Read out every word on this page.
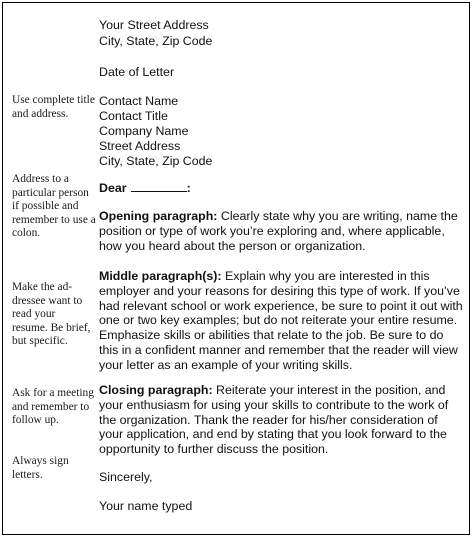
Use complete title and address.
Address to a particular person if possible and remember to use a colon.
Make the ad- dressee want to read your resume. Be brief, but specific.
Ask for a meeting and remember to follow up.
Always sign letters.
Your Street Address
City, State, Zip Code
Date of Letter
Contact Name
Contact Title
Company Name
Street Address
City, State, Zip Code
Dear	:
Opening paragraph: Clearly state why you are writing, name the position or type of work you’re exploring and, where applicable, how you heard about the person or organization.
Middle paragraph(s): Explain why you are interested in this employer and your reasons for desiring this type of work. If you’ve had relevant school or work experience, be sure to point it out with one or two key examples; but do not reiterate your entire resume. Emphasize skills or abilities that relate to the job. Be sure to do this in a confident manner and remember that the reader will view your letter as an example of your writing skills.
Closing paragraph: Reiterate your interest in the position, and your enthusiasm for using your skills to contribute to the work of the organization. Thank the reader for his/her consideration of your application, and end by stating that you look forward to the opportunity to further discuss the position.
Sincerely,
Your name typed
